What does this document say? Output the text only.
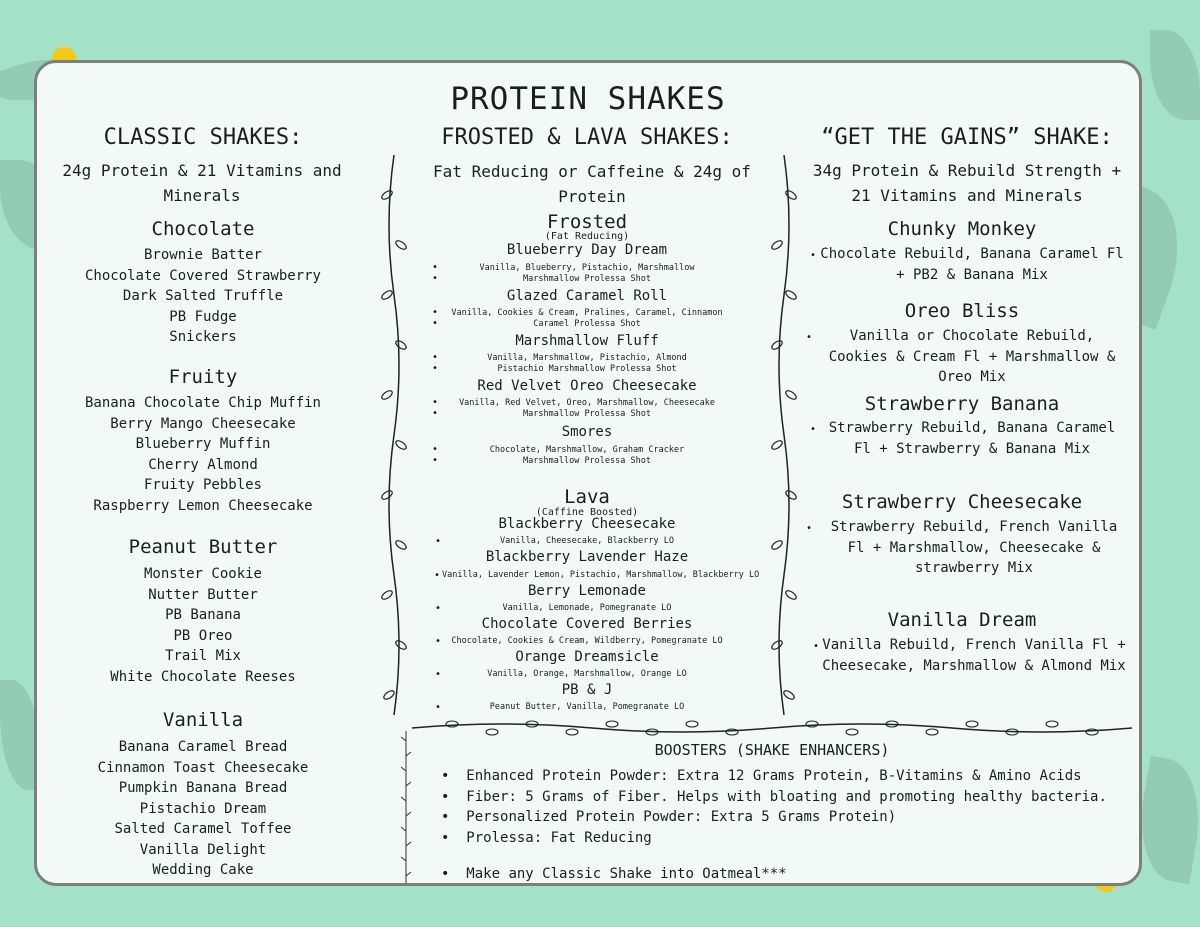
PROTEIN SHAKES
CLASSIC SHAKES:
24g Protein & 21 Vitamins and Minerals
Chocolate
Brownie Batter
Chocolate Covered Strawberry
Dark Salted Truffle
PB Fudge
Snickers
Fruity
Banana Chocolate Chip Muffin
Berry Mango Cheesecake
Blueberry Muffin
Cherry Almond
Fruity Pebbles
Raspberry Lemon Cheesecake
Peanut Butter
Monster Cookie
Nutter Butter
PB Banana
PB Oreo
Trail Mix
White Chocolate Reeses
Vanilla
Banana Caramel Bread
Cinnamon Toast Cheesecake
Pumpkin Banana Bread
Pistachio Dream
Salted Caramel Toffee
Vanilla Delight
Wedding Cake
FROSTED & LAVA SHAKES:
Fat Reducing or Caffeine & 24g of Protein
Frosted
(Fat Reducing)
Blueberry Day Dream
Vanilla, Blueberry, Pistachio, Marshmallow
Marshmallow Prolessa Shot
Glazed Caramel Roll
Vanilla, Cookies & Cream, Pralines, Caramel, Cinnamon
Caramel Prolessa Shot
Marshmallow Fluff
Vanilla, Marshmallow, Pistachio, Almond
Pistachio Marshmallow Prolessa Shot
Red Velvet Oreo Cheesecake
Vanilla, Red Velvet, Oreo, Marshmallow, Cheesecake
Marshmallow Prolessa Shot
Smores
Chocolate, Marshmallow, Graham Cracker
Marshmallow Prolessa Shot
•
•
•
•
•
•
•
•
•
•
Lava
(Caffine Boosted)
Blackberry Cheesecake
Vanilla, Cheesecake, Blackberry LO
Blackberry Lavender Haze
Vanilla, Lavender Lemon, Pistachio, Marshmallow, Blackberry LO
Berry Lemonade
Vanilla, Lemonade, Pomegranate LO
Chocolate Covered Berries
Chocolate, Cookies & Cream, Wildberry, Pomegranate LO
Orange Dreamsicle
Vanilla, Orange, Marshmallow, Orange LO
PB & J
Peanut Butter, Vanilla, Pomegranate LO
•
•
•
•
•
•
“GET THE GAINS” SHAKE:
34g Protein & Rebuild Strength + 21 Vitamins and Minerals
Chunky Monkey
Chocolate Rebuild, Banana Caramel Fl + PB2 & Banana Mix
Oreo Bliss
Vanilla or Chocolate Rebuild, Cookies & Cream Fl + Marshmallow & Oreo Mix
Strawberry Banana
Strawberry Rebuild, Banana Caramel Fl + Strawberry & Banana Mix
Strawberry Cheesecake
Strawberry Rebuild, French Vanilla Fl + Marshmallow, Cheesecake & strawberry Mix
Vanilla Dream
Vanilla Rebuild, French Vanilla Fl + Cheesecake, Marshmallow & Almond Mix
•
•
•
•
•
BOOSTERS (SHAKE ENHANCERS)
• Enhanced Protein Powder: Extra 12 Grams Protein, B-Vitamins & Amino Acids
• Fiber: 5 Grams of Fiber. Helps with bloating and promoting healthy bacteria.
• Personalized Protein Powder: Extra 5 Grams Protein)
• Prolessa: Fat Reducing
• Make any Classic Shake into Oatmeal***
